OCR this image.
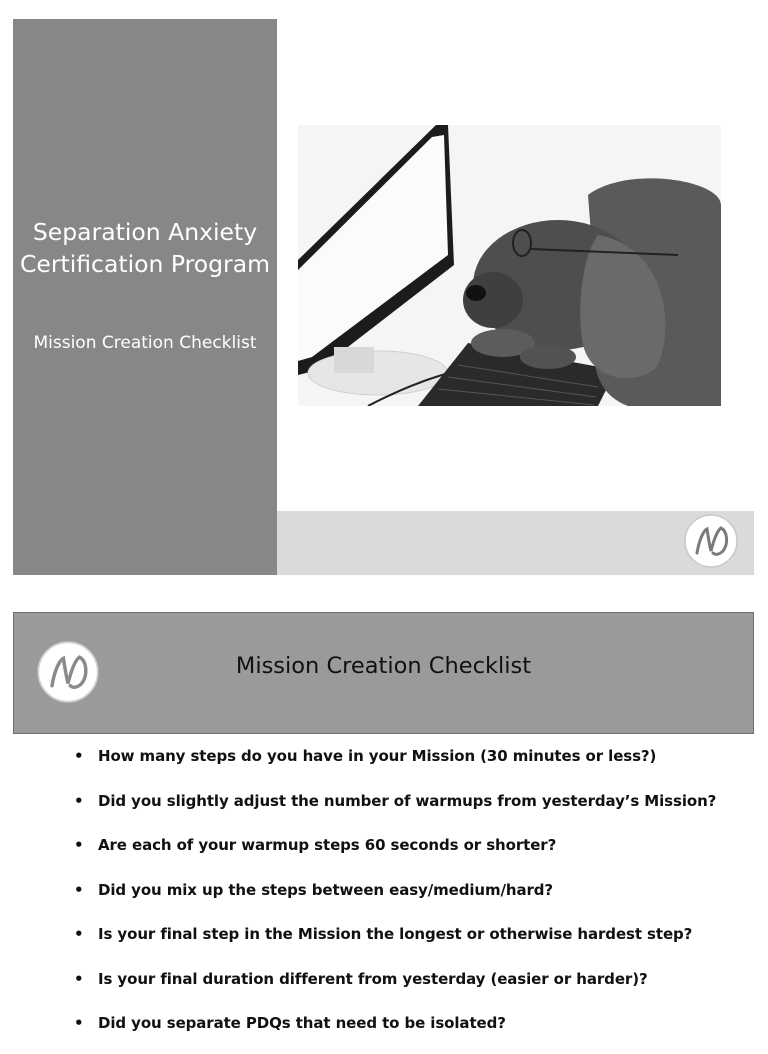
Separation Anxiety
Certification Program
Mission Creation Checklist
Mission Creation Checklist
• How many steps do you have in your Mission (30 minutes or less?)
• Did you slightly adjust the number of warmups from yesterday’s Mission?
• Are each of your warmup steps 60 seconds or shorter?
• Did you mix up the steps between easy/medium/hard?
• Is your final step in the Mission the longest or otherwise hardest step?
• Is your final duration different from yesterday (easier or harder)?
• Did you separate PDQs that need to be isolated?
